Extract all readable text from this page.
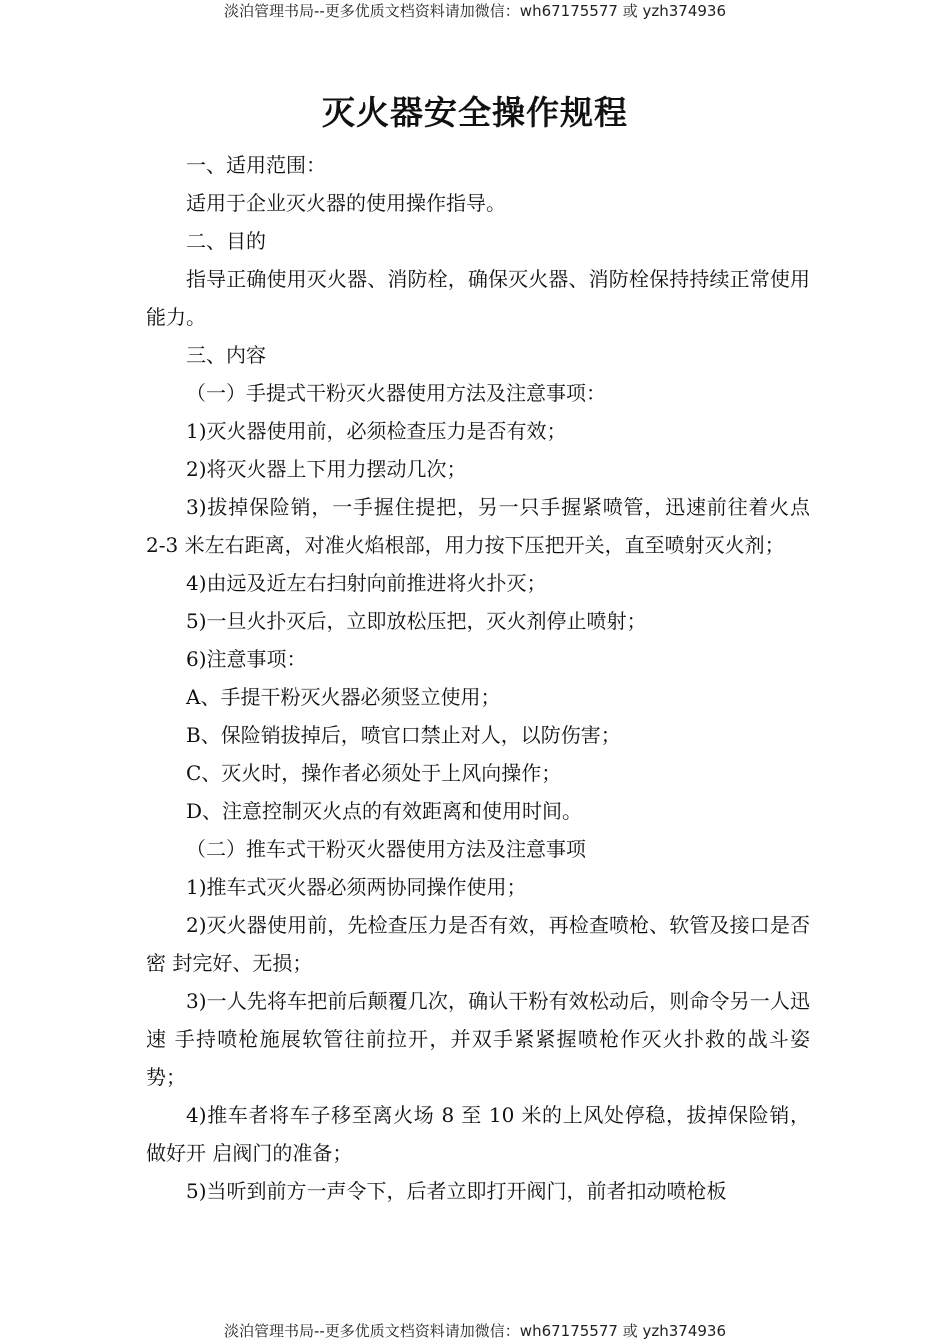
淡泊管理书局--更多优质文档资料请加微信：wh67175577 或 yzh374936
灭火器安全操作规程

一、适用范围：

适用于企业灭火器的使用操作指导。

二、目的

指导正确使用灭火器、消防栓，确保灭火器、消防栓保持持续正常使用能力。

三、内容

（一）手提式干粉灭火器使用方法及注意事项：

1)灭火器使用前，必须检查压力是否有效；

2)将灭火器上下用力摆动几次；

3)拔掉保险销，一手握住提把，另一只手握紧喷管，迅速前往着火点 2-3 米左右距离，对准火焰根部，用力按下压把开关，直至喷射灭火剂；

4)由远及近左右扫射向前推进将火扑灭；

5)一旦火扑灭后，立即放松压把，灭火剂停止喷射；

6)注意事项：

A、手提干粉灭火器必须竖立使用；

B、保险销拔掉后，喷官口禁止对人，以防伤害；

C、灭火时，操作者必须处于上风向操作；

D、注意控制灭火点的有效距离和使用时间。

（二）推车式干粉灭火器使用方法及注意事项

1)推车式灭火器必须两协同操作使用；

2)灭火器使用前，先检查压力是否有效，再检查喷枪、软管及接口是否密 封完好、无损；

3)一人先将车把前后颠覆几次，确认干粉有效松动后，则命令另一人迅速 手持喷枪施展软管往前拉开，并双手紧紧握喷枪作灭火扑救的战斗姿势；

4)推车者将车子移至离火场 8 至 10 米的上风处停稳，拔掉保险销，做好开 启阀门的准备；

5)当听到前方一声令下，后者立即打开阀门，前者扣动喷枪板

淡泊管理书局--更多优质文档资料请加微信：wh67175577 或 yzh374936
